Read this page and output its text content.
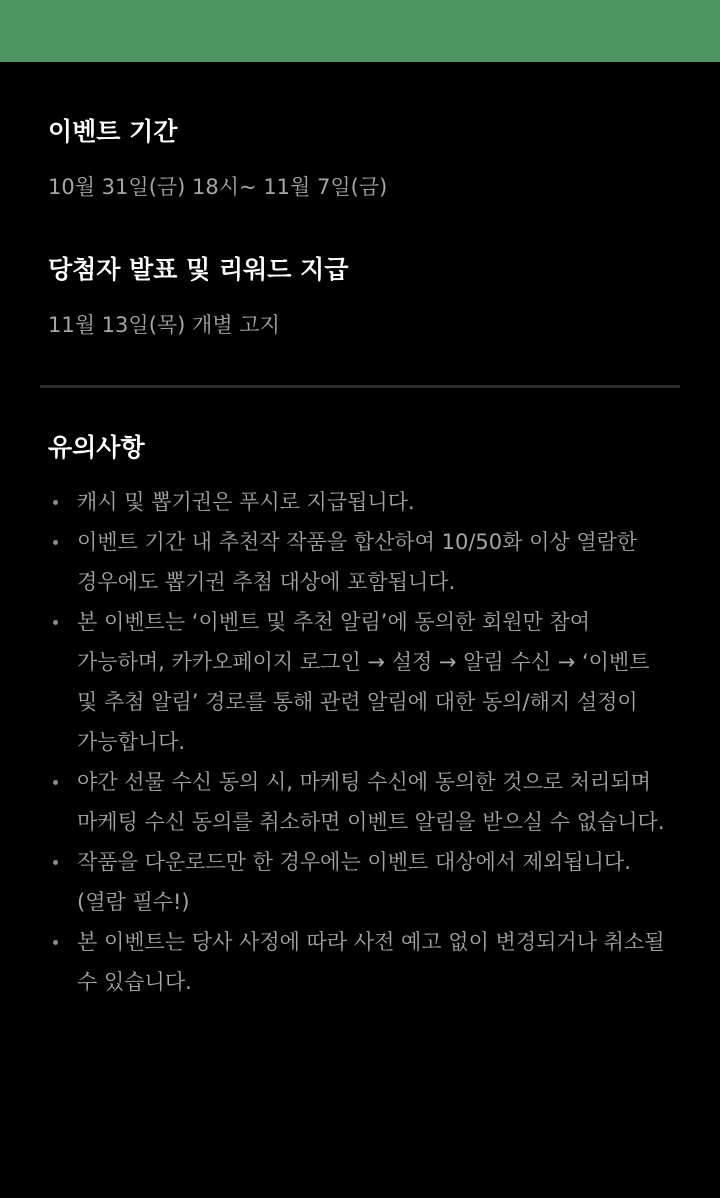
이벤트 기간

10월 31일(금) 18시~ 11월 7일(금)

당첨자 발표 및 리워드 지급

11월 13일(목) 개별 고지

유의사항
캐시 및 뽑기권은 푸시로 지급됩니다.
이벤트 기간 내 추천작 작품을 합산하여 10/50화 이상 열람한 경우에도 뽑기권 추첨 대상에 포함됩니다.
본 이벤트는 ‘이벤트 및 추천 알림’에 동의한 회원만 참여 가능하며, 카카오페이지 로그인 → 설정 → 알림 수신 → ‘이벤트 및 추첨 알림’ 경로를 통해 관련 알림에 대한 동의/해지 설정이 가능합니다.
야간 선물 수신 동의 시, 마케팅 수신에 동의한 것으로 처리되며 마케팅 수신 동의를 취소하면 이벤트 알림을 받으실 수 없습니다.
작품을 다운로드만 한 경우에는 이벤트 대상에서 제외됩니다. (열람 필수!)
본 이벤트는 당사 사정에 따라 사전 예고 없이 변경되거나 취소될 수 있습니다.
